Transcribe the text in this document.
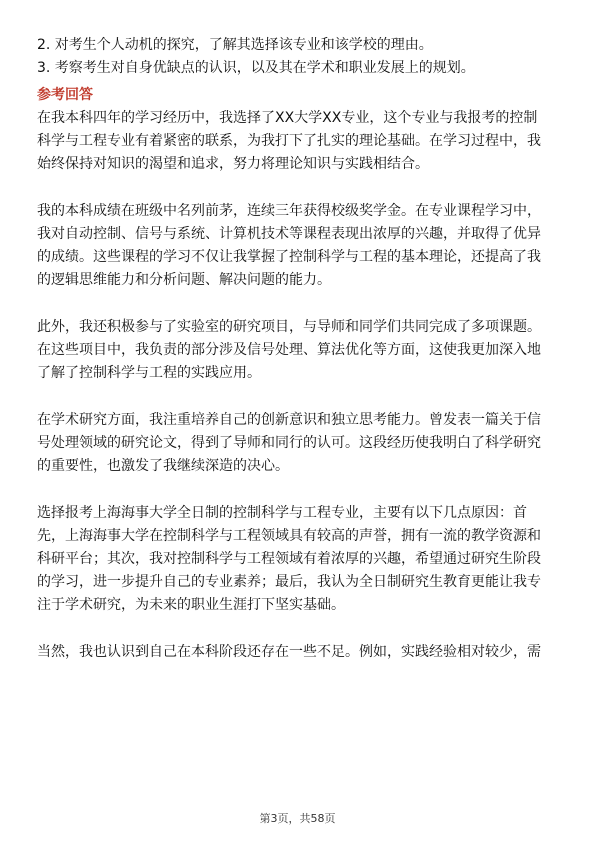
2. 对考生个人动机的探究，了解其选择该专业和该学校的理由。
3. 考察考生对自身优缺点的认识，以及其在学术和职业发展上的规划。
参考回答
在我本科四年的学习经历中，我选择了XX大学XX专业，这个专业与我报考的控制
科学与工程专业有着紧密的联系，为我打下了扎实的理论基础。在学习过程中，我
始终保持对知识的渴望和追求，努力将理论知识与实践相结合。
我的本科成绩在班级中名列前茅，连续三年获得校级奖学金。在专业课程学习中，
我对自动控制、信号与系统、计算机技术等课程表现出浓厚的兴趣，并取得了优异
的成绩。这些课程的学习不仅让我掌握了控制科学与工程的基本理论，还提高了我
的逻辑思维能力和分析问题、解决问题的能力。
此外，我还积极参与了实验室的研究项目，与导师和同学们共同完成了多项课题。
在这些项目中，我负责的部分涉及信号处理、算法优化等方面，这使我更加深入地
了解了控制科学与工程的实践应用。
在学术研究方面，我注重培养自己的创新意识和独立思考能力。曾发表一篇关于信
号处理领域的研究论文，得到了导师和同行的认可。这段经历使我明白了科学研究
的重要性，也激发了我继续深造的决心。
选择报考上海海事大学全日制的控制科学与工程专业，主要有以下几点原因：首
先，上海海事大学在控制科学与工程领域具有较高的声誉，拥有一流的教学资源和
科研平台；其次，我对控制科学与工程领域有着浓厚的兴趣，希望通过研究生阶段
的学习，进一步提升自己的专业素养；最后，我认为全日制研究生教育更能让我专
注于学术研究，为未来的职业生涯打下坚实基础。
当然，我也认识到自己在本科阶段还存在一些不足。例如，实践经验相对较少，需
第3页，共58页
